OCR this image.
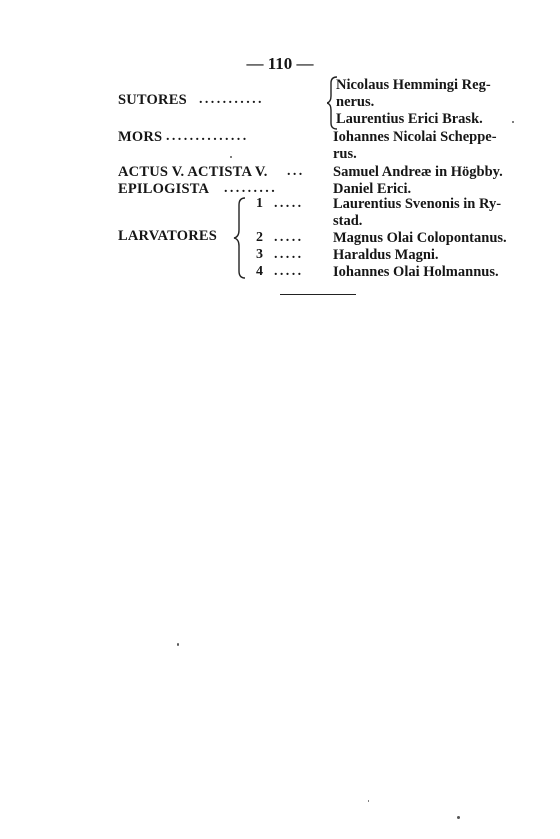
— 110 —
SUTORES ...........
Nicolaus Hemmingi Reg-
nerus.
Laurentius Erici Brask.
MORS ..............	Iohannes Nicolai Scheppe-
rus.
ACTUS V. ACTISTA V. ... Samuel Andreæ in Högbby.
EPILOGISTA .........	Daniel Erici.
LARVATORES
1 ..... Laurentius Svenonis in Ry-
stad.
2 ..... Magnus Olai Colopontanus.
3 ..... Haraldus Magni.
4 ..... Iohannes Olai Holmannus.
